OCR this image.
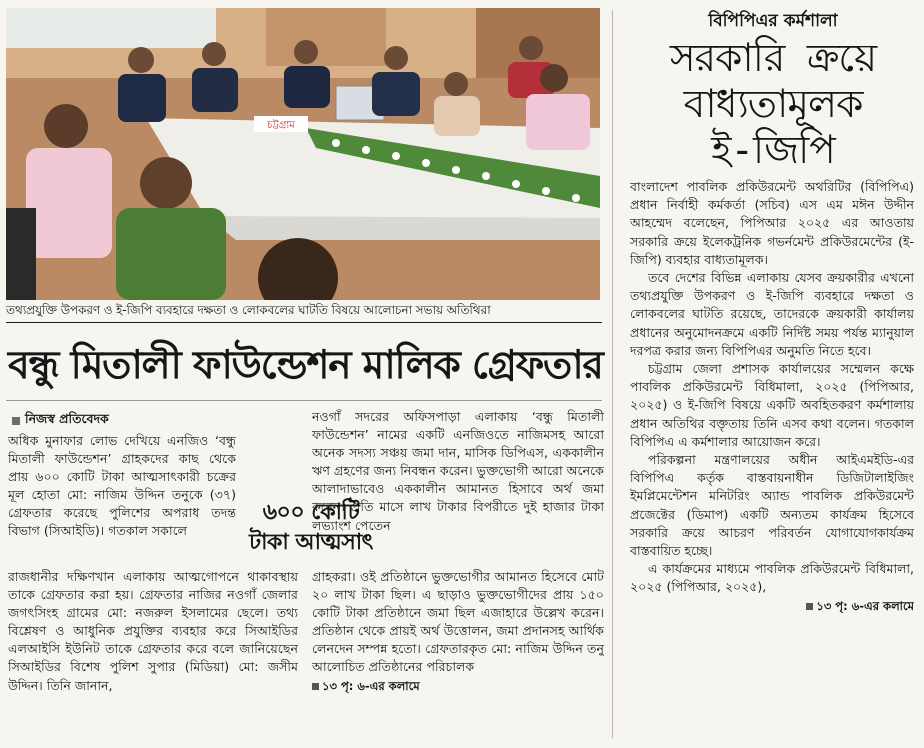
চট্টগ্রাম
তথ্যপ্রযুক্তি উপকরণ ও ই-জিপি ব্যবহারে দক্ষতা ও লোকবলের ঘাটতি বিষয়ে আলোচনা সভায় অতিথিরা
বন্ধু মিতালী ফাউন্ডেশন মালিক গ্রেফতার
নিজস্ব প্রতিবেদক

অধিক মুনাফার লোভ দেখিয়ে এনজিও ‘বন্ধু মিতালী ফাউন্ডেশন’ গ্রাহকদের কাছ থেকে প্রায় ৬০০ কোটি টাকা আত্মসাৎকারী চক্রের মূল হোতা মো: নাজিম উদ্দিন তনুকে (৩৭) গ্রেফতার করেছে পুলিশের অপরাধ তদন্ত বিভাগ (সিআইডি)। গতকাল সকালে

৬০০ কোটি
টাকা আত্মসাৎ

রাজধানীর দক্ষিণখান এলাকায় আত্মগোপনে থাকাবস্থায় তাকে গ্রেফতার করা হয়। গ্রেফতার নাজির নওগাঁ জেলার জগৎসিংহ গ্রামের মো: নজরুল ইসলামের ছেলে। তথ্য বিশ্লেষণ ও আধুনিক প্রযুক্তির ব্যবহার করে সিআইডির এলআইসি ইউনিট তাকে গ্রেফতার করে বলে জানিয়েছেন সিআইডির বিশেষ পুলিশ সুপার (মিডিয়া) মো: জসীম উদ্দিন। তিনি জানান,

নওগাঁ সদরের অফিসপাড়া এলাকায় ‘বন্ধু মিতালী ফাউন্ডেশন’ নামের একটি এনজিওতে নাজিমসহ আরো অনেক সদস্য সঞ্চয় জমা দান, মাসিক ডিপিএস, এককালীন ঋণ গ্রহণের জন্য নিবন্ধন করেন। ভুক্তভোগী আরো অনেকে আলাদাভাবেও এককালীন আমানত হিসাবে অর্থ জমা করেন। প্রতি মাসে লাখ টাকার বিপরীতে দুই হাজার টাকা লভ্যাংশ পেতেন

গ্রাহকরা। ওই প্রতিষ্ঠানে ভুক্তভোগীর আমানত হিসেবে মোট ২০ লাখ টাকা ছিল। এ ছাড়াও ভুক্তভোগীদের প্রায় ১৫০ কোটি টাকা প্রতিষ্ঠানে জমা ছিল এজাহারে উল্লেখ করেন। প্রতিষ্ঠান থেকে প্রায়ই অর্থ উত্তোলন, জমা প্রদানসহ আর্থিক লেনদেন সম্পন্ন হতো। গ্রেফতারকৃত মো: নাজিম উদ্দিন তনু আলোচিত প্রতিষ্ঠানের পরিচালক

১৩ পৃ: ৬-এর কলামে

বিপিপিএর কর্মশালা
সরকারি ক্রয়ে
বাধ্যতামূলক
ই-জিপি

বাংলাদেশ পাবলিক প্রকিউরমেন্ট অথরিটির (বিপিপিএ) প্রধান নির্বাহী কর্মকর্তা (সচিব) এস এম মঈন উদ্দীন আহম্মেদ বলেছেন, পিপিআর ২০২৫ এর আওতায় সরকারি ক্রয়ে ইলেকট্রনিক গভর্নমেন্ট প্রকিউরমেন্টের (ই-জিপি) ব্যবহার বাধ্যতামূলক।

তবে দেশের বিভিন্ন এলাকায় যেসব ক্রয়কারীর এখনো তথ্যপ্রযুক্তি উপকরণ ও ই-জিপি ব্যবহারে দক্ষতা ও লোকবলের ঘাটতি রয়েছে, তাদেরকে ক্রয়কারী কার্যালয় প্রধানের অনুমোদনক্রমে একটি নির্দিষ্ট সময় পর্যন্ত ম্যানুয়াল দরপত্র করার জন্য বিপিপিএর অনুমতি নিতে হবে।

চট্টগ্রাম জেলা প্রশাসক কার্যালয়ের সম্মেলন কক্ষে পাবলিক প্রকিউরমেন্ট বিধিমালা, ২০২৫ (পিপিআর, ২০২৫) ও ই-জিপি বিষয়ে একটি অবহিতকরণ কর্মশালায় প্রধান অতিথির বক্তৃতায় তিনি এসব কথা বলেন। গতকাল বিপিপিএ এ কর্মশালার আয়োজন করে।

পরিকল্পনা মন্ত্রণালয়ের অধীন আইএমইডি-এর বিপিপিএ কর্তৃক বাস্তবায়নাধীন ডিজিটালাইজিং ইমপ্লিমেন্টেশন মনিটরিং অ্যান্ড পাবলিক প্রকিউরমেন্ট প্রজেক্টের (ডিমাপ) একটি অন্যতম কার্যক্রম হিসেবে সরকারি ক্রয়ে আচরণ পরিবর্তন যোগাযোগকার্যক্রম বাস্তবায়িত হচ্ছে।

এ কার্যক্রমের মাধ্যমে পাবলিক প্রকিউরমেন্ট বিধিমালা, ২০২৫ (পিপিআর, ২০২৫),

১৩ পৃ: ৬-এর কলামে
